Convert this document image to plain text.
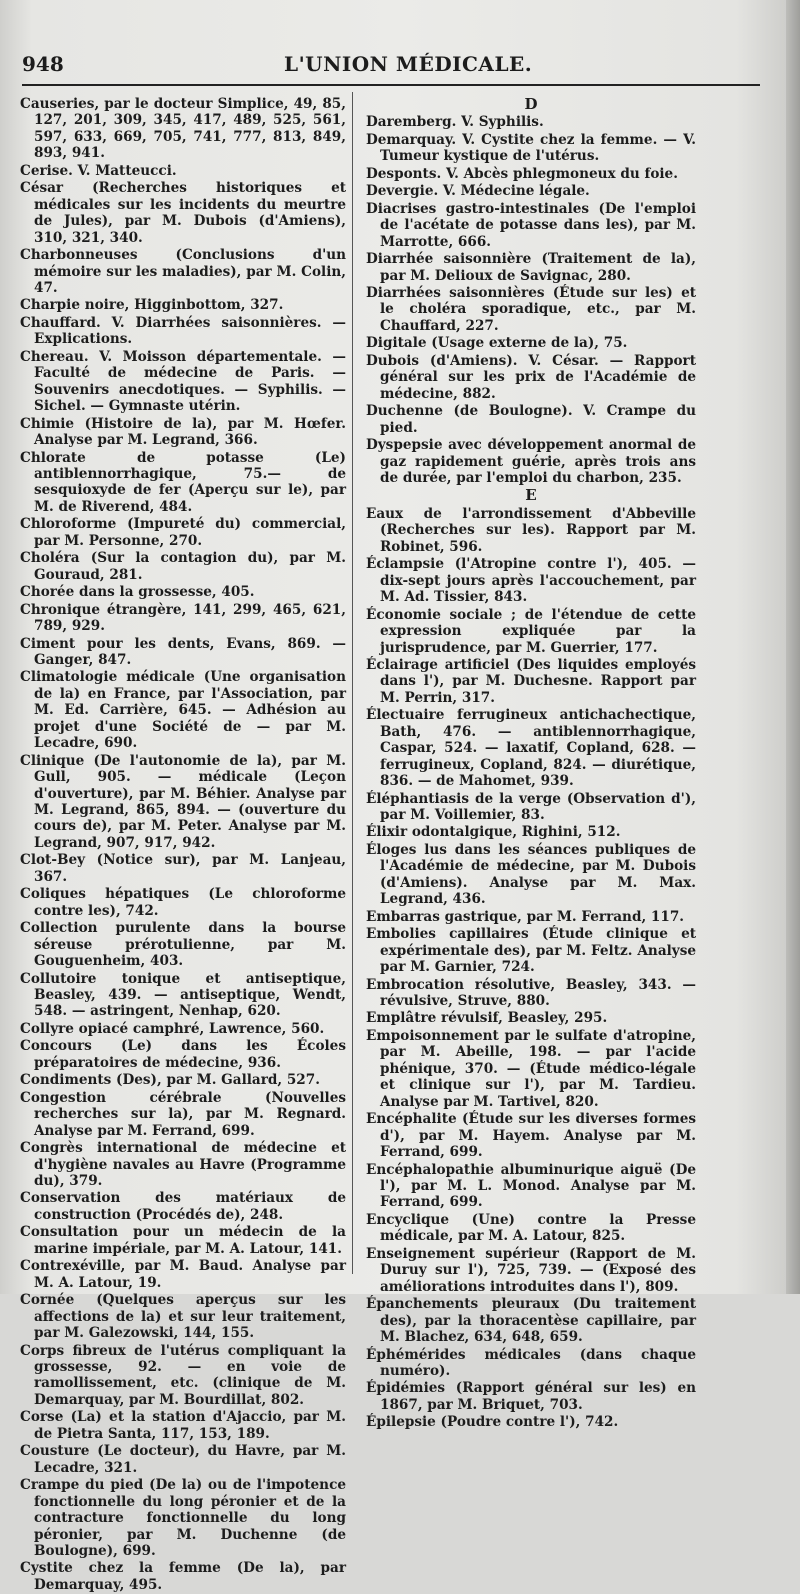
948	L'UNION MÉDICALE.

Causeries, par le docteur Simplice, 49, 85, 127, 201, 309, 345, 417, 489, 525, 561, 597, 633, 669, 705, 741, 777, 813, 849, 893, 941.

Cerise. V. Matteucci.

César (Recherches historiques et médicales sur les incidents du meurtre de Jules), par M. Dubois (d'Amiens), 310, 321, 340.

Charbonneuses (Conclusions d'un mémoire sur les maladies), par M. Colin, 47.

Charpie noire, Higginbottom, 327.

Chauffard. V. Diarrhées saisonnières. — Explications.

Chereau. V. Moisson départementale. — Faculté de médecine de Paris. — Souvenirs anecdotiques. — Syphilis. — Sichel. — Gymnaste utérin.

Chimie (Histoire de la), par M. Hœfer. Analyse par M. Legrand, 366.

Chlorate de potasse (Le) antiblennorrhagique, 75.— de sesquioxyde de fer (Aperçu sur le), par M. de Riverend, 484.

Chloroforme (Impureté du) commercial, par M. Personne, 270.

Choléra (Sur la contagion du), par M. Gouraud, 281.

Chorée dans la grossesse, 405.

Chronique étrangère, 141, 299, 465, 621, 789, 929.

Ciment pour les dents, Evans, 869. — Ganger, 847.

Climatologie médicale (Une organisation de la) en France, par l'Association, par M. Ed. Carrière, 645. — Adhésion au projet d'une Société de — par M. Lecadre, 690.

Clinique (De l'autonomie de la), par M. Gull, 905. — médicale (Leçon d'ouverture), par M. Béhier. Analyse par M. Legrand, 865, 894. — (ouverture du cours de), par M. Peter. Analyse par M. Legrand, 907, 917, 942.

Clot-Bey (Notice sur), par M. Lanjeau, 367.

Coliques hépatiques (Le chloroforme contre les), 742.

Collection purulente dans la bourse séreuse prérotulienne, par M. Gouguenheim, 403.

Collutoire tonique et antiseptique, Beasley, 439. — antiseptique, Wendt, 548. — astringent, Nenhap, 620.

Collyre opiacé camphré, Lawrence, 560.

Concours (Le) dans les Écoles préparatoires de médecine, 936.

Condiments (Des), par M. Gallard, 527.

Congestion cérébrale (Nouvelles recherches sur la), par M. Regnard. Analyse par M. Ferrand, 699.

Congrès international de médecine et d'hygiène navales au Havre (Programme du), 379.

Conservation des matériaux de construction (Procédés de), 248.

Consultation pour un médecin de la marine impériale, par M. A. Latour, 141.

Contrexéville, par M. Baud. Analyse par M. A. Latour, 19.

Cornée (Quelques aperçus sur les affections de la) et sur leur traitement, par M. Galezowski, 144, 155.

Corps fibreux de l'utérus compliquant la grossesse, 92. — en voie de ramollissement, etc. (clinique de M. Demarquay, par M. Bourdillat, 802.

Corse (La) et la station d'Ajaccio, par M. de Pietra Santa, 117, 153, 189.

Cousture (Le docteur), du Havre, par M. Lecadre, 321.

Crampe du pied (De la) ou de l'impotence fonctionnelle du long péronier et de la contracture fonctionnelle du long péronier, par M. Duchenne (de Boulogne), 699.

Cystite chez la femme (De la), par Demarquay, 495.

D

Daremberg. V. Syphilis.

Demarquay. V. Cystite chez la femme. — V. Tumeur kystique de l'utérus.

Desponts. V. Abcès phlegmoneux du foie.

Devergie. V. Médecine légale.

Diacrises gastro-intestinales (De l'emploi de l'acétate de potasse dans les), par M. Marrotte, 666.

Diarrhée saisonnière (Traitement de la), par M. Delioux de Savignac, 280.

Diarrhées saisonnières (Étude sur les) et le choléra sporadique, etc., par M. Chauffard, 227.

Digitale (Usage externe de la), 75.

Dubois (d'Amiens). V. César. — Rapport général sur les prix de l'Académie de médecine, 882.

Duchenne (de Boulogne). V. Crampe du pied.

Dyspepsie avec développement anormal de gaz rapidement guérie, après trois ans de durée, par l'emploi du charbon, 235.

E

Eaux de l'arrondissement d'Abbeville (Recherches sur les). Rapport par M. Robinet, 596.

Éclampsie (l'Atropine contre l'), 405. — dix-sept jours après l'accouchement, par M. Ad. Tissier, 843.

Économie sociale ; de l'étendue de cette expression expliquée par la jurisprudence, par M. Guerrier, 177.

Éclairage artificiel (Des liquides employés dans l'), par M. Duchesne. Rapport par M. Perrin, 317.

Électuaire ferrugineux antichachectique, Bath, 476. — antiblennorrhagique, Caspar, 524. — laxatif, Copland, 628. — ferrugineux, Copland, 824. — diurétique, 836. — de Mahomet, 939.

Éléphantiasis de la verge (Observation d'), par M. Voillemier, 83.

Élixir odontalgique, Righini, 512.

Éloges lus dans les séances publiques de l'Académie de médecine, par M. Dubois (d'Amiens). Analyse par M. Max. Legrand, 436.

Embarras gastrique, par M. Ferrand, 117.

Embolies capillaires (Étude clinique et expérimentale des), par M. Feltz. Analyse par M. Garnier, 724.

Embrocation résolutive, Beasley, 343. — révulsive, Struve, 880.

Emplâtre révulsif, Beasley, 295.

Empoisonnement par le sulfate d'atropine, par M. Abeille, 198. — par l'acide phénique, 370. — (Étude médico-légale et clinique sur l'), par M. Tardieu. Analyse par M. Tartivel, 820.

Encéphalite (Étude sur les diverses formes d'), par M. Hayem. Analyse par M. Ferrand, 699.

Encéphalopathie albuminurique aiguë (De l'), par M. L. Monod. Analyse par M. Ferrand, 699.

Encyclique (Une) contre la Presse médicale, par M. A. Latour, 825.

Enseignement supérieur (Rapport de M. Duruy sur l'), 725, 739. — (Exposé des améliorations introduites dans l'), 809.

Épanchements pleuraux (Du traitement des), par la thoracentèse capillaire, par M. Blachez, 634, 648, 659.

Éphémérides médicales (dans chaque numéro).

Épidémies (Rapport général sur les) en 1867, par M. Briquet, 703.

Épilepsie (Poudre contre l'), 742.
